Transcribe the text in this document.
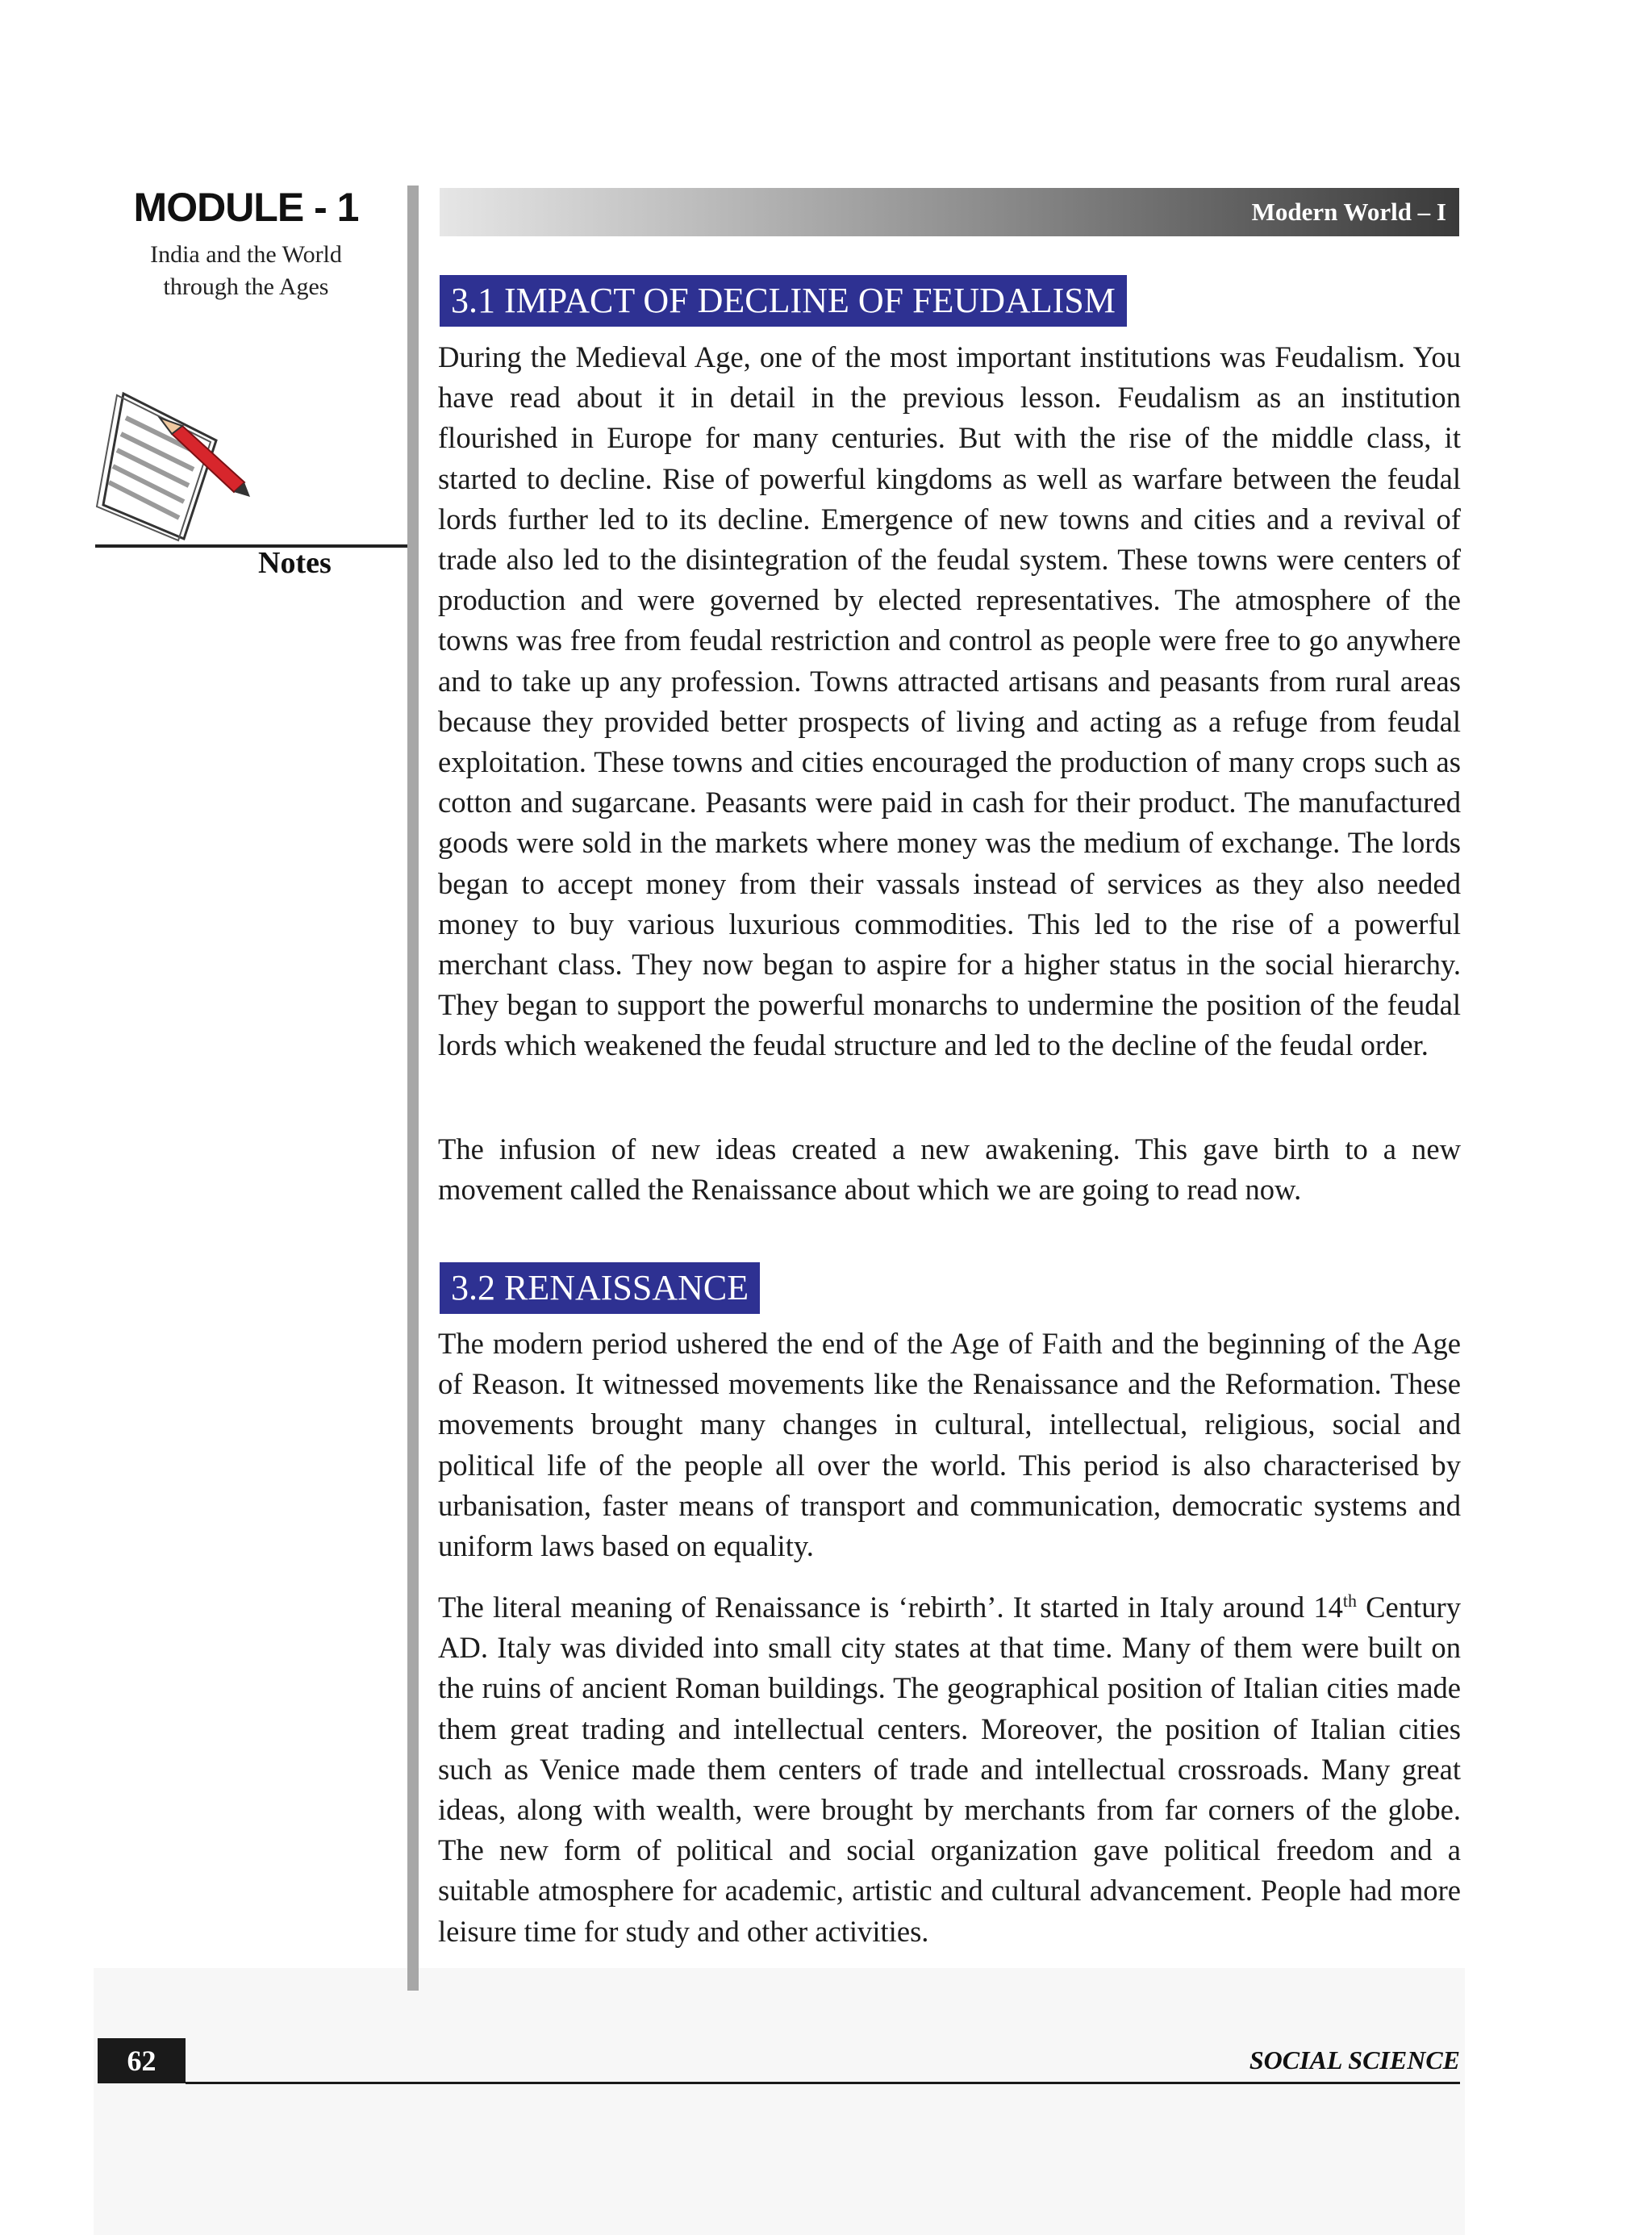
MODULE - 1
India and the World
through the Ages
Notes
Modern World – I
3.1 IMPACT OF DECLINE OF FEUDALISM

During the Medieval Age, one of the most important institutions was Feudalism. You have read about it in detail in the previous lesson. Feudalism as an institution flourished in Europe for many centuries. But with the rise of the middle class, it started to decline. Rise of powerful kingdoms as well as warfare between the feudal lords further led to its decline. Emergence of new towns and cities and a revival of trade also led to the disintegration of the feudal system. These towns were centers of production and were governed by elected representatives. The atmosphere of the towns was free from feudal restriction and control as people were free to go anywhere and to take up any profession. Towns attracted artisans and peasants from rural areas because they provided better prospects of living and acting as a refuge from feudal exploitation. These towns and cities encouraged the production of many crops such as cotton and sugarcane. Peasants were paid in cash for their product. The manufactured goods were sold in the markets where money was the medium of exchange. The lords began to accept money from their vassals instead of services as they also needed money to buy various luxurious commodities. This led to the rise of a powerful merchant class. They now began to aspire for a higher status in the social hierarchy. They began to support the powerful monarchs to undermine the position of the feudal lords which weakened the feudal structure and led to the decline of the feudal order.

The infusion of new ideas created a new awakening. This gave birth to a new movement called the Renaissance about which we are going to read now.

3.2 RENAISSANCE

The modern period ushered the end of the Age of Faith and the beginning of the Age of Reason. It witnessed movements like the Renaissance and the Reformation. These movements brought many changes in cultural, intellectual, religious, social and political life of the people all over the world. This period is also characterised by urbanisation, faster means of transport and communication, democratic systems and uniform laws based on equality.

The literal meaning of Renaissance is ‘rebirth’. It started in Italy around 14th Century AD. Italy was divided into small city states at that time. Many of them were built on the ruins of ancient Roman buildings. The geographical position of Italian cities made them great trading and intellectual centers. Moreover, the position of Italian cities such as Venice made them centers of trade and intellectual crossroads. Many great ideas, along with wealth, were brought by merchants from far corners of the globe. The new form of political and social organization gave political freedom and a suitable atmosphere for academic, artistic and cultural advancement. People had more leisure time for study and other activities.

62	SOCIAL SCIENCE
